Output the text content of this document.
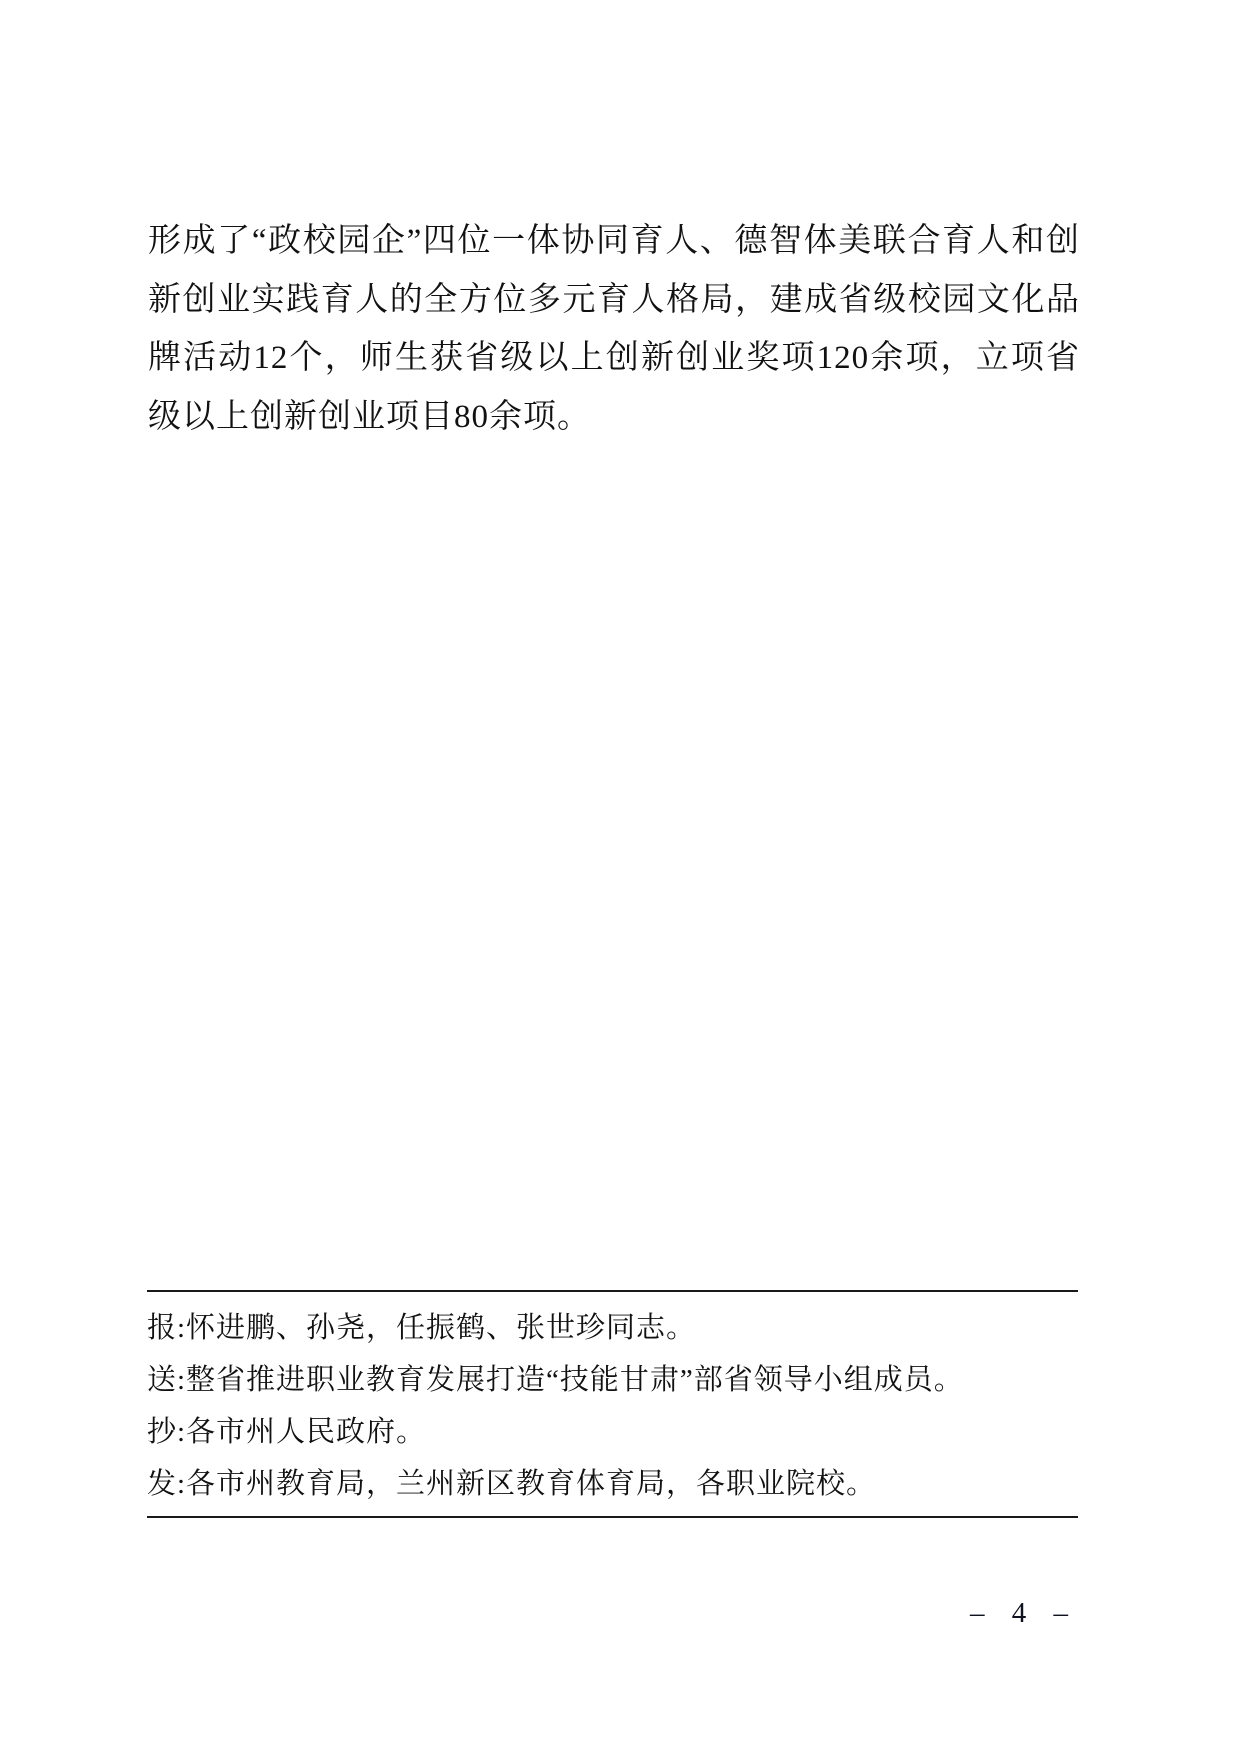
形成了“政校园企”四位一体协同育人、德智体美联合育人和创新创业实践育人的全方位多元育人格局，建成省级校园文化品牌活动12个，师生获省级以上创新创业奖项120余项，立项省级以上创新创业项目80余项。
报:怀进鹏、孙尧，任振鹤、张世珍同志。
送:整省推进职业教育发展打造“技能甘肃”部省领导小组成员。
抄:各市州人民政府。
发:各市州教育局，兰州新区教育体育局，各职业院校。
– 4 –
